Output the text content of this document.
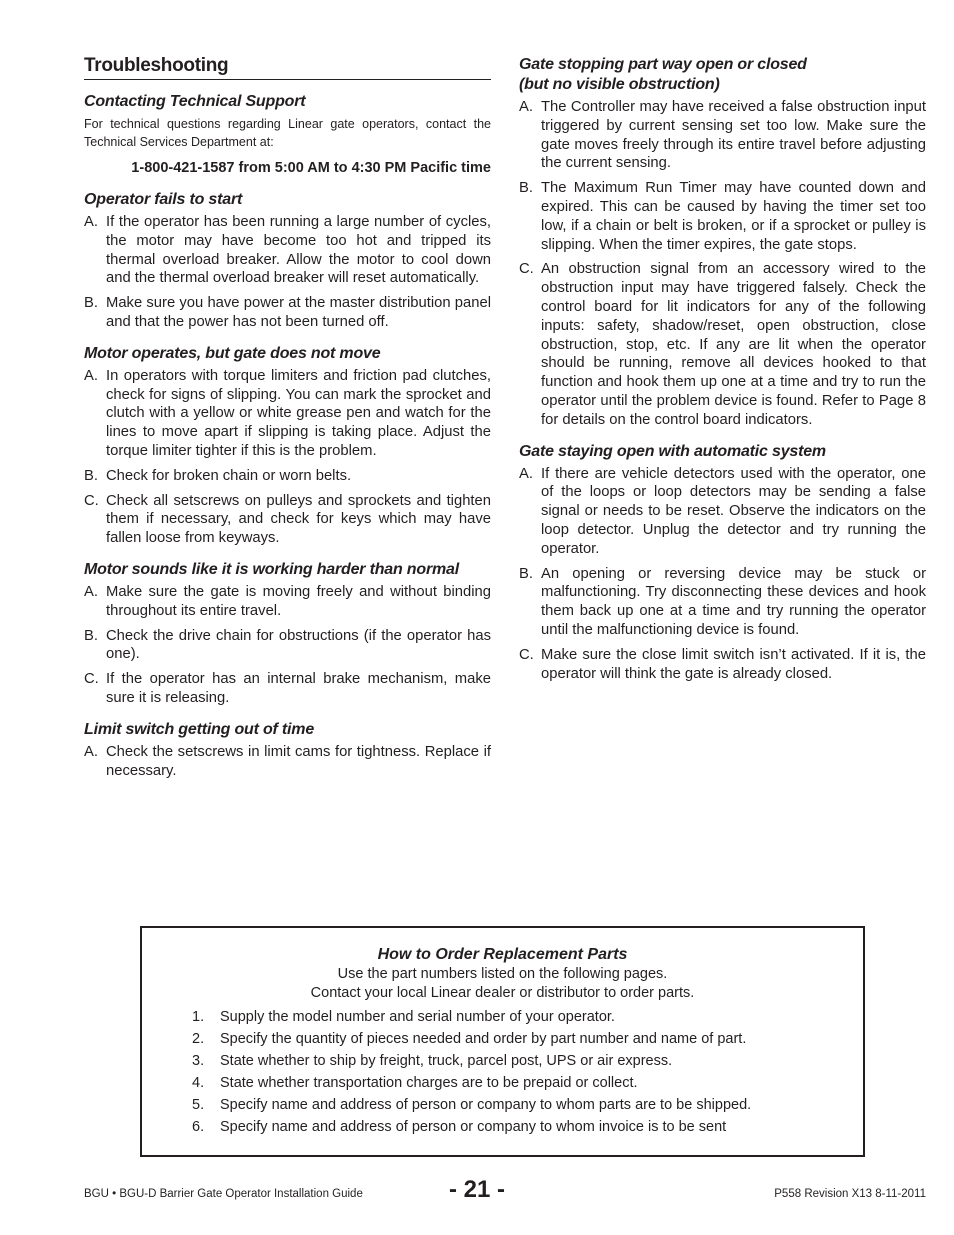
Troubleshooting
Contacting Technical Support

For technical questions regarding Linear gate operators, contact the Technical Services Department at:

1-800-421-1587 from 5:00 AM to 4:30 PM Pacific time

Operator fails to start
A. If the operator has been running a large number of cycles, the motor may have become too hot and tripped its thermal overload breaker. Allow the motor to cool down and the thermal overload breaker will reset automatically.
B. Make sure you have power at the master distribution panel and that the power has not been turned off.
Motor operates, but gate does not move
A. In operators with torque limiters and friction pad clutches, check for signs of slipping. You can mark the sprocket and clutch with a yellow or white grease pen and watch for the lines to move apart if slipping is taking place. Adjust the torque limiter tighter if this is the problem.
B. Check for broken chain or worn belts.
C. Check all setscrews on pulleys and sprockets and tighten them if necessary, and check for keys which may have fallen loose from keyways.
Motor sounds like it is working harder than normal
A. Make sure the gate is moving freely and without binding throughout its entire travel.
B. Check the drive chain for obstructions (if the operator has one).
C. If the operator has an internal brake mechanism, make sure it is releasing.
Limit switch getting out of time
A. Check the setscrews in limit cams for tightness. Replace if necessary.
Gate stopping part way open or closed
(but no visible obstruction)
A. The Controller may have received a false obstruction input triggered by current sensing set too low. Make sure the gate moves freely through its entire travel before adjusting the current sensing.
B. The Maximum Run Timer may have counted down and expired. This can be caused by having the timer set too low, if a chain or belt is broken, or if a sprocket or pulley is slipping. When the timer expires, the gate stops.
C. An obstruction signal from an accessory wired to the obstruction input may have triggered falsely. Check the control board for lit indicators for any of the following inputs: safety, shadow/reset, open obstruction, close obstruction, stop, etc. If any are lit when the operator should be running, remove all devices hooked to that function and hook them up one at a time and try to run the operator until the problem device is found. Refer to Page 8 for details on the control board indicators.
Gate staying open with automatic system
A. If there are vehicle detectors used with the operator, one of the loops or loop detectors may be sending a false signal or needs to be reset. Observe the indicators on the loop detector. Unplug the detector and try running the operator.
B. An opening or reversing device may be stuck or malfunctioning. Try disconnecting these devices and hook them back up one at a time and try running the operator until the malfunctioning device is found.
C. Make sure the close limit switch isn’t activated. If it is, the operator will think the gate is already closed.
How to Order Replacement Parts
Use the part numbers listed on the following pages.
Contact your local Linear dealer or distributor to order parts.
1.	Supply the model number and serial number of your operator.
2.	Specify the quantity of pieces needed and order by part number and name of part.
3.	State whether to ship by freight, truck, parcel post, UPS or air express.
4.	State whether transportation charges are to be prepaid or collect.
5.	Specify name and address of person or company to whom parts are to be shipped.
6.	Specify name and address of person or company to whom invoice is to be sent
BGU • BGU-D Barrier Gate Operator Installation Guide	- 21 -	P558 Revision X13 8-11-2011
